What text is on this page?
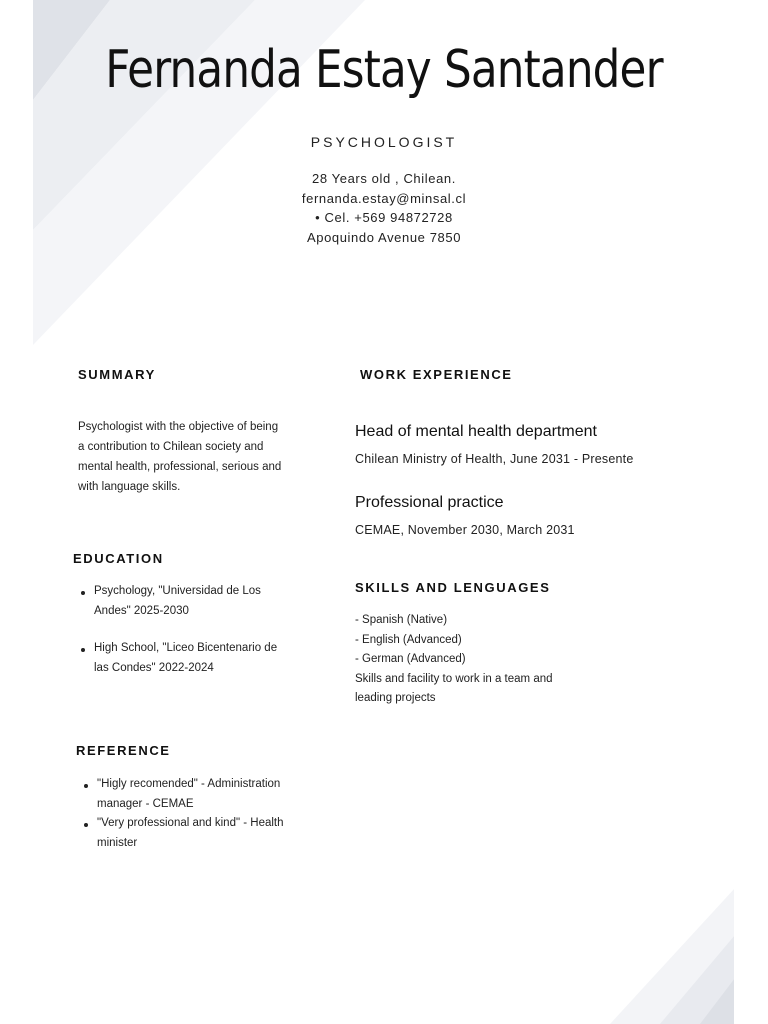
Fernanda Estay Santander
PSYCHOLOGIST
28 Years old , Chilean.
fernanda.estay@minsal.cl
• Cel. +569 94872728
Apoquindo Avenue 7850
SUMMARY
Psychologist with the objective of being
a contribution to Chilean society and
mental health, professional, serious and
with language skills.
EDUCATION
Psychology, "Universidad de Los
Andes" 2025-2030
High School, "Liceo Bicentenario de
las Condes" 2022-2024
REFERENCE
"Higly recomended" - Administration
manager - CEMAE
"Very professional and kind" - Health
minister
WORK EXPERIENCE
Head of mental health department
Chilean Ministry of Health, June 2031 - Presente
Professional practice
CEMAE, November 2030, March 2031
SKILLS AND LENGUAGES
- Spanish (Native)
- English (Advanced)
- German (Advanced)
Skills and facility to work in a team and
leading projects
